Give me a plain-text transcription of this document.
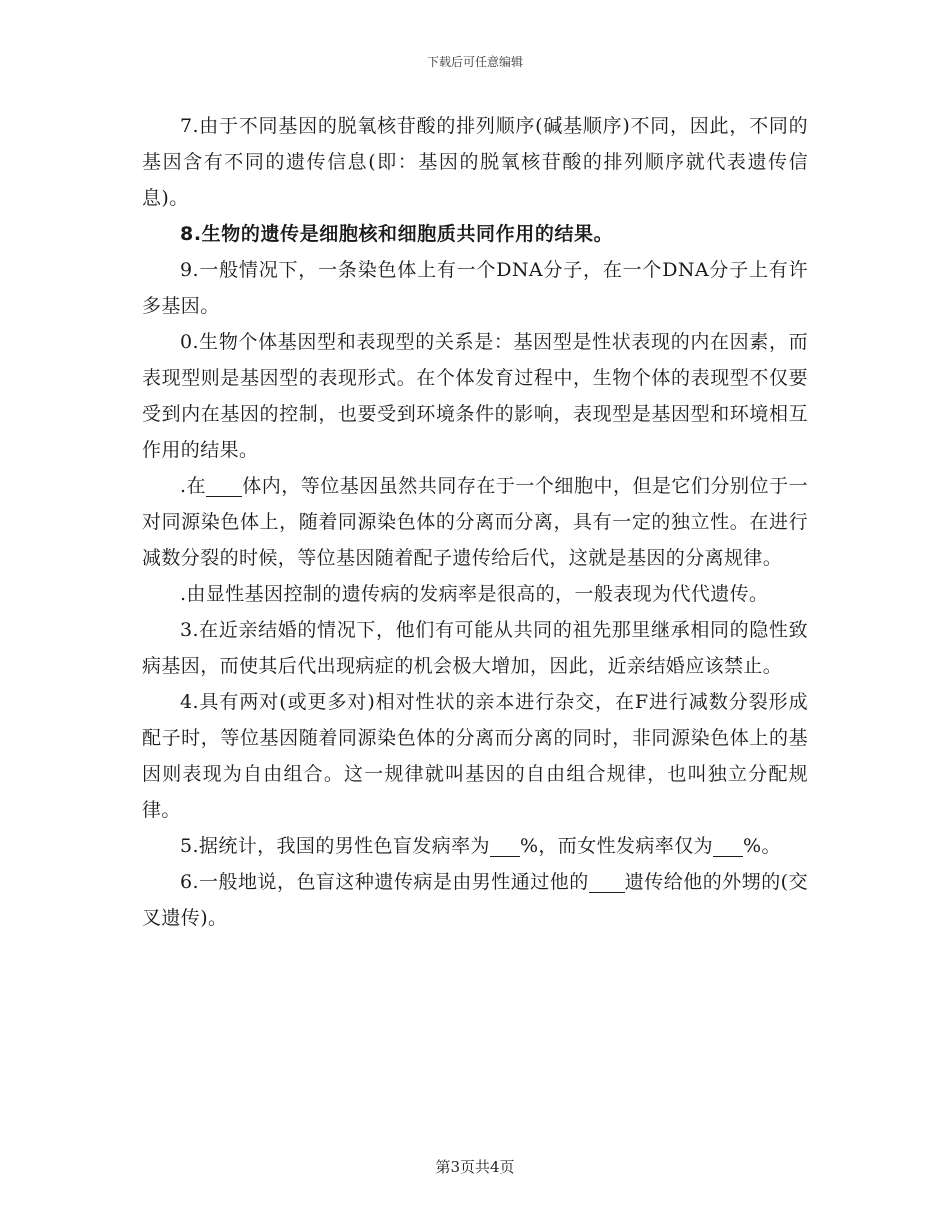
下载后可任意编辑

7.由于不同基因的脱氧核苷酸的排列顺序(碱基顺序)不同，因此，不同的基因含有不同的遗传信息(即：基因的脱氧核苷酸的排列顺序就代表遗传信息)。

8.生物的遗传是细胞核和细胞质共同作用的结果。

9.一般情况下，一条染色体上有一个DNA分子，在一个DNA分子上有许多基因。

0.生物个体基因型和表现型的关系是：基因型是性状表现的内在因素，而表现型则是基因型的表现形式。在个体发育过程中，生物个体的表现型不仅要受到内在基因的控制，也要受到环境条件的影响，表现型是基因型和环境相互作用的结果。

.在 体内，等位基因虽然共同存在于一个细胞中，但是它们分别位于一对同源染色体上，随着同源染色体的分离而分离，具有一定的独立性。在进行减数分裂的时候，等位基因随着配子遗传给后代，这就是基因的分离规律。

.由显性基因控制的遗传病的发病率是很高的，一般表现为代代遗传。

3.在近亲结婚的情况下，他们有可能从共同的祖先那里继承相同的隐性致病基因，而使其后代出现病症的机会极大增加，因此，近亲结婚应该禁止。

4.具有两对(或更多对)相对性状的亲本进行杂交，在F进行减数分裂形成配子时，等位基因随着同源染色体的分离而分离的同时，非同源染色体上的基因则表现为自由组合。这一规律就叫基因的自由组合规律，也叫独立分配规律。

5.据统计，我国的男性色盲发病率为 %，而女性发病率仅为 %。

6.一般地说，色盲这种遗传病是由男性通过他的 遗传给他的外甥的(交叉遗传)。

第3页共4页
